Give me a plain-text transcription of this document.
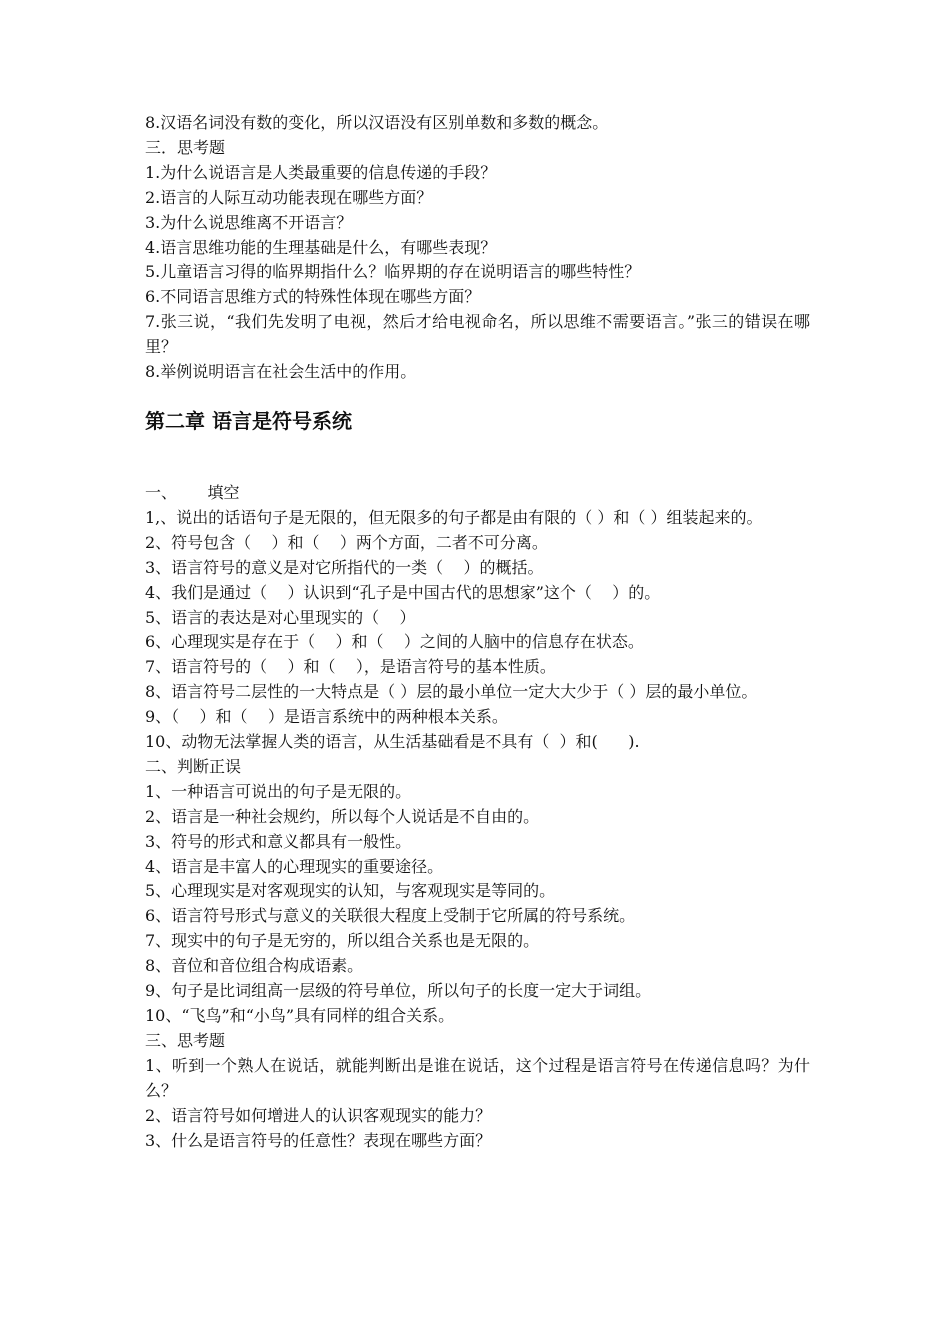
8.汉语名词没有数的变化，所以汉语没有区别单数和多数的概念。
三．思考题
1.为什么说语言是人类最重要的信息传递的手段？
2.语言的人际互动功能表现在哪些方面？
3.为什么说思维离不开语言？
4.语言思维功能的生理基础是什么，有哪些表现？
5.儿童语言习得的临界期指什么？临界期的存在说明语言的哪些特性？
6.不同语言思维方式的特殊性体现在哪些方面？
7.张三说，“我们先发明了电视，然后才给电视命名，所以思维不需要语言。”张三的错误在哪里？
8.举例说明语言在社会生活中的作用。
第二章 语言是符号系统
一、      填空
1,、说出的话语句子是无限的，但无限多的句子都是由有限的（ ）和（ ）组装起来的。
2、符号包含（    ）和（    ）两个方面，二者不可分离。
3、语言符号的意义是对它所指代的一类（    ）的概括。
4、我们是通过（    ）认识到“孔子是中国古代的思想家”这个（    ）的。
5、语言的表达是对心里现实的（    ）
6、心理现实是存在于（    ）和（    ）之间的人脑中的信息存在状态。
7、语言符号的（    ）和（    ），是语言符号的基本性质。
8、语言符号二层性的一大特点是（ ）层的最小单位一定大大少于（ ）层的最小单位。
9、（    ）和（    ）是语言系统中的两种根本关系。
10、动物无法掌握人类的语言，从生活基础看是不具有（  ）和(      ).
二、判断正误
1、一种语言可说出的句子是无限的。
2、语言是一种社会规约，所以每个人说话是不自由的。
3、符号的形式和意义都具有一般性。
4、语言是丰富人的心理现实的重要途径。
5、心理现实是对客观现实的认知，与客观现实是等同的。
6、语言符号形式与意义的关联很大程度上受制于它所属的符号系统。
7、现实中的句子是无穷的，所以组合关系也是无限的。
8、音位和音位组合构成语素。
9、句子是比词组高一层级的符号单位，所以句子的长度一定大于词组。
10、“飞鸟”和“小鸟”具有同样的组合关系。
三、思考题
1、听到一个熟人在说话，就能判断出是谁在说话，这个过程是语言符号在传递信息吗？为什么？
2、语言符号如何增进人的认识客观现实的能力？
3、什么是语言符号的任意性？表现在哪些方面？
